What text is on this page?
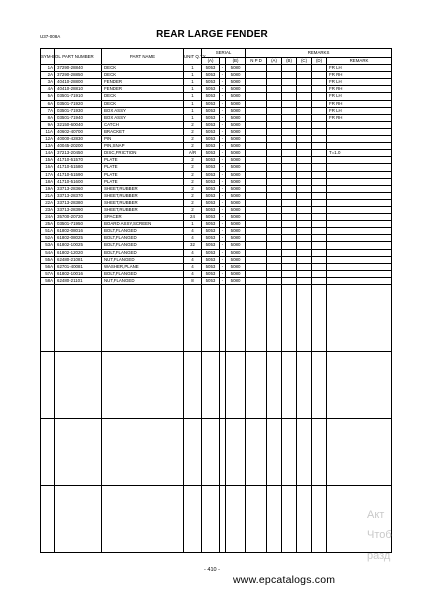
U37-008A	REAR LARGE FENDER
SYM-BOL	PART NUMBER	PART NAME	UNIT Q.TY	SERIAL			REMARKS					
				(A)		(B)	N P D	(A)	(B)	(C)	(D)	REMARK
1A	37290-28840	DECK	1	5053	-	5080						FR LH
2A	37290-28850	DECK	1	5053	-	5080						FR RH
3A	40410-28800	FENDER	1	5053	-	5080						FR LH
4A	40410-28810	FENDER	1	5053	-	5080						FR RH
5A	03501-71910	DECK	1	5053	-	5080						FR LH
6A	03501-71920	DECK	1	5053	-	5080						FR RH
7A	03501-71930	BOX ASSY	1	5053	-	5080						FR LH
8A	03501-71940	BOX ASSY	1	5053	-	5080						FR RH
9A	32150-60040	CATCH	2	5053	-	5080						
11A	40602-40700	BRACKET	2	5053	-	5080						
12A	40000-42830	PIN	2	5053	-	5080						
13A	40045-20200	PIN,SNAP	2	5053	-	5080						
14A	37213-20450	DISC,FRICTION	A/R	5053	-	5080						T=1.0
15A	41710-51570	PLATE	2	5053	-	5080						
16A	41710-51580	PLATE	2	5053	-	5080						
17A	41710-51590	PLATE	2	5053	-	5080						
18A	41710-51600	PLATE	2	5053	-	5080						
19A	33713-28360	SHEET,RUBBER	2	5053	-	5080						
21A	33713-28370	SHEET,RUBBER	2	5053	-	5080						
22A	33713-28380	SHEET,RUBBER	2	5053	-	5080						
23A	33713-28390	SHEET,RUBBER	2	5053	-	5080						
24A	35700-20720	SPACER	24	5053	-	5080						
25A	03501-71950	BOARD ASSY,SCREEN	1	5053	-	5080						
51A	61802-08016	BOLT,FLANGED	4	5053	-	5080						
52A	61802-08025	BOLT,FLANGED	4	5053	-	5080						
53A	61802-10025	BOLT,FLANGED	32	5053	-	5080						
54A	61802-12020	BOLT,FLANGED	4	5053	-	5080						
55A	62480-21081	NUT,FLANGED	4	5053	-	5080						
56A	62701-40081	WASHER,PLANE	4	5053	-	5080						
57A	61802-10016	BOLT,FLANGED	4	5053	-	5080						
58A	62480-21101	NUT,FLANGED	8	5053	-	5080						

- 410 -
www.epcatalogs.com
Акт
Чтоб
разд
